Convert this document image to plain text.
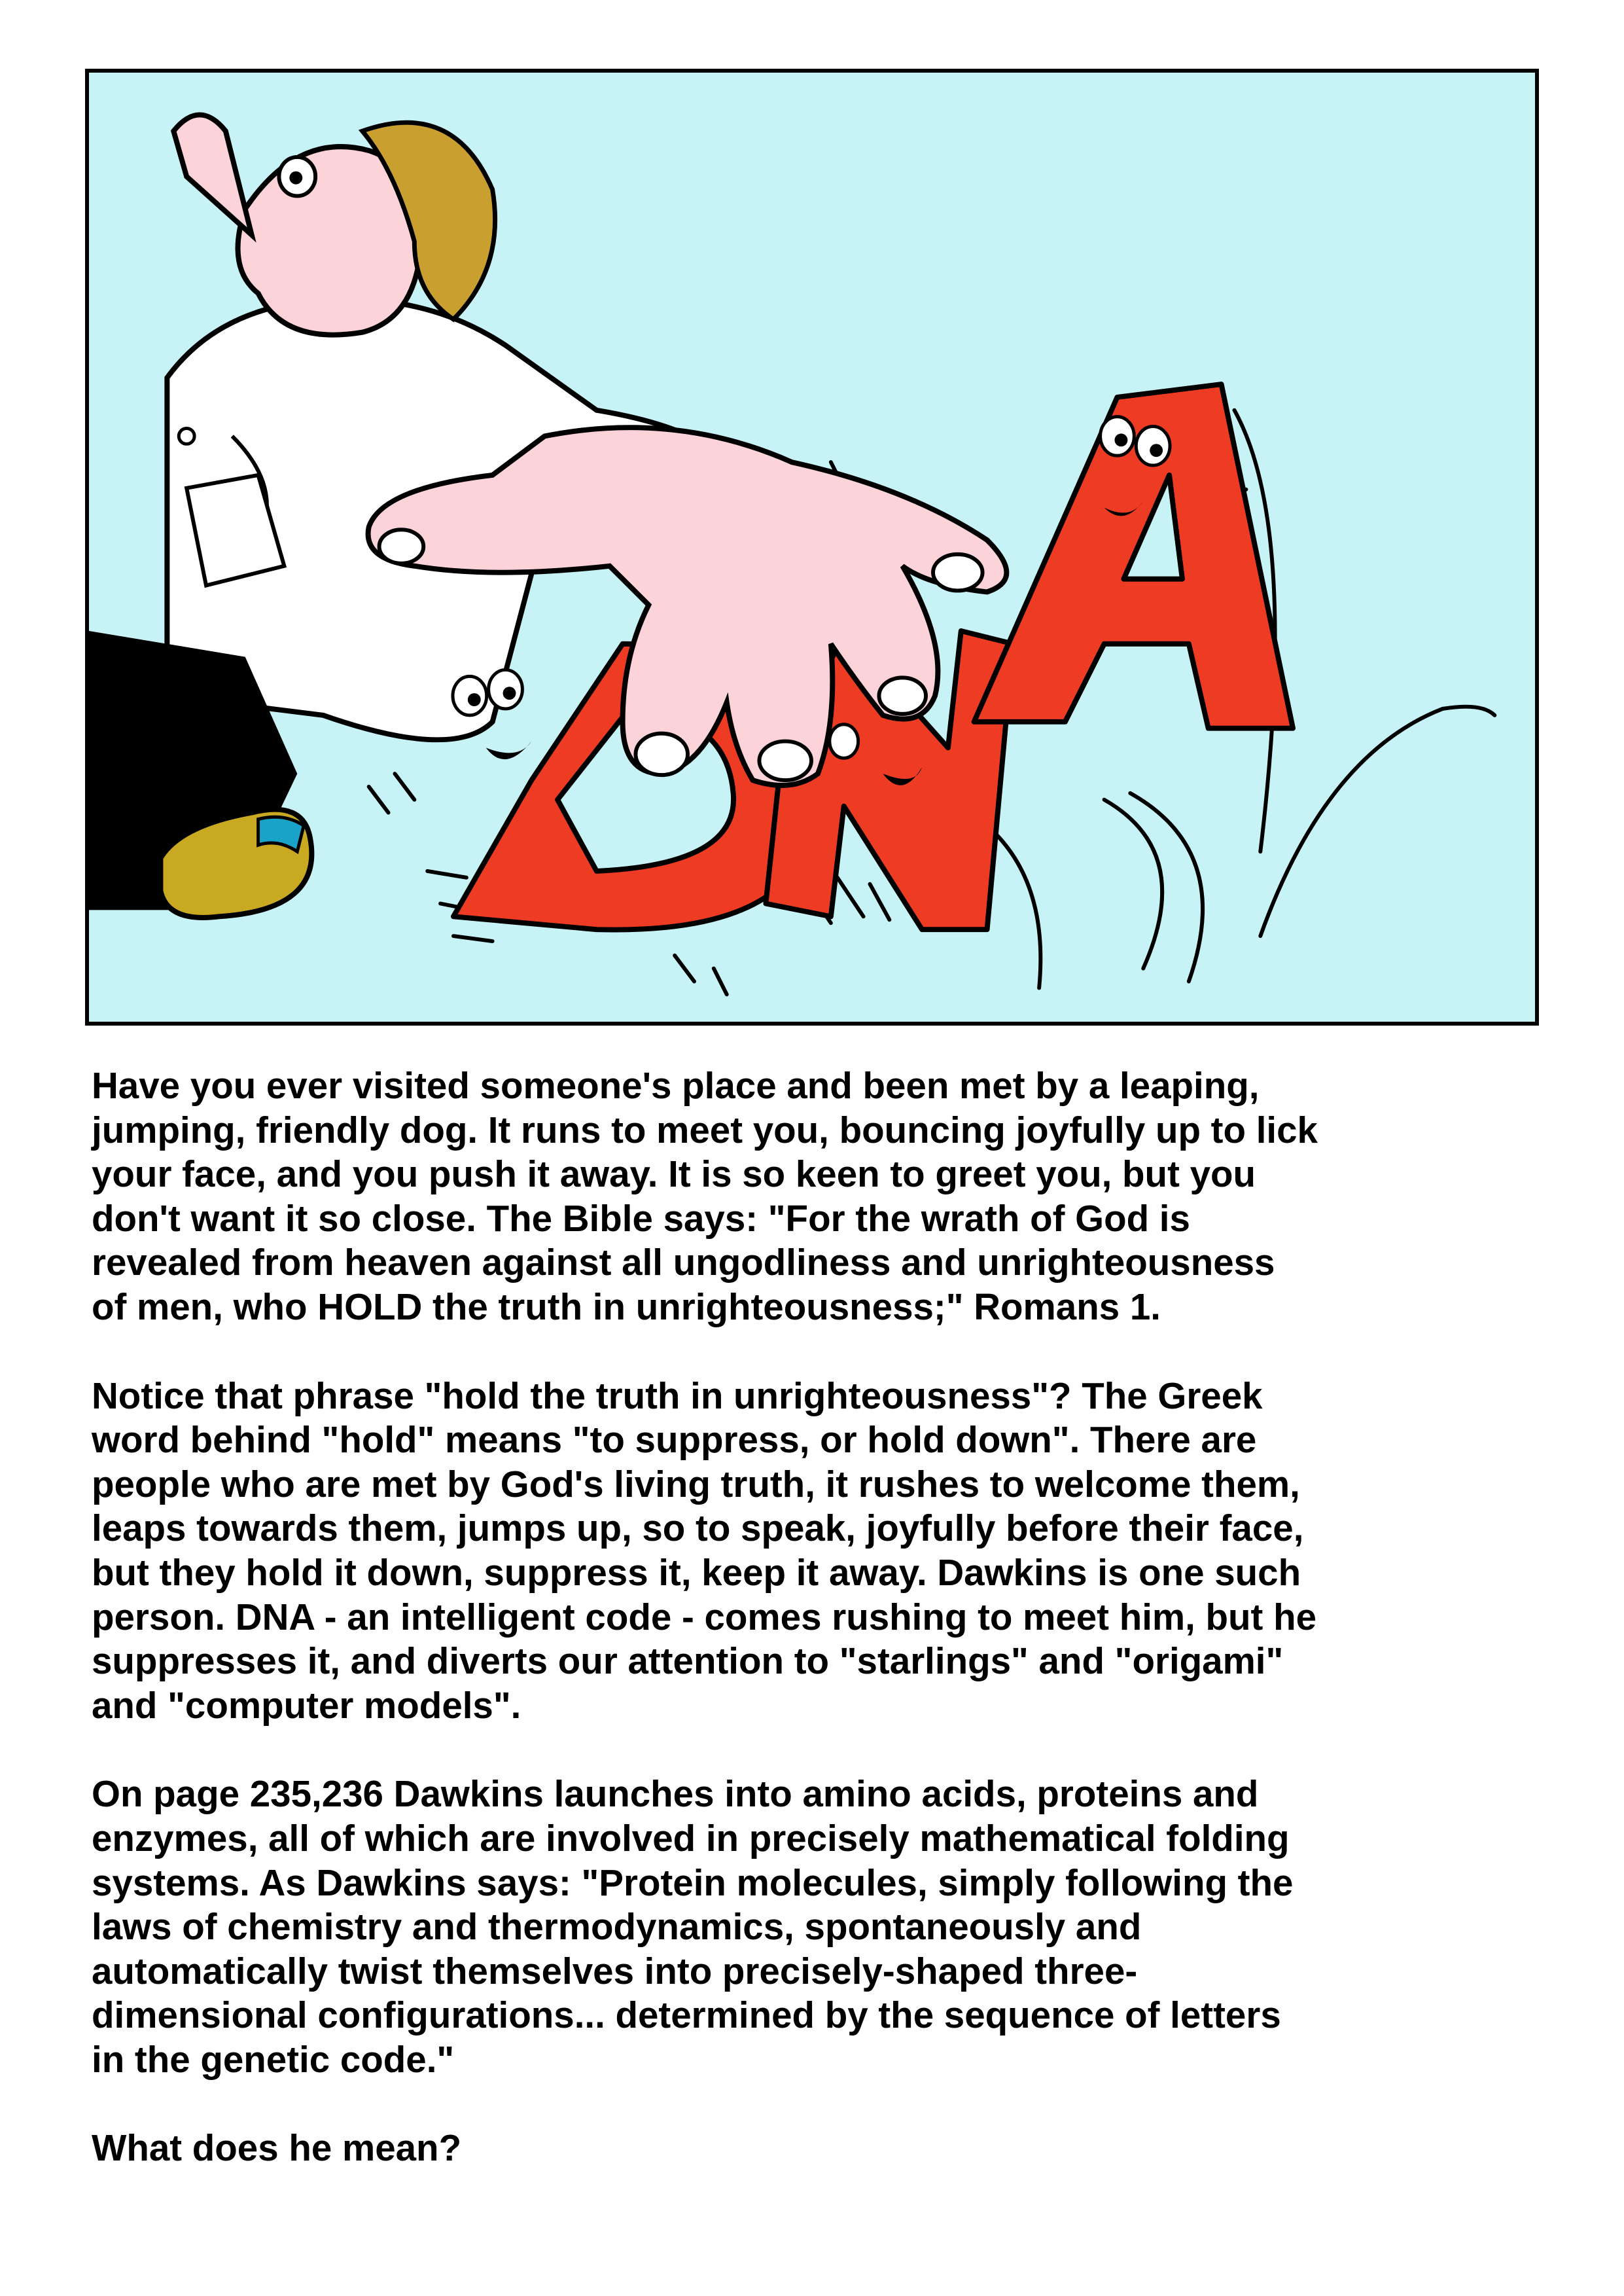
Have you ever visited someone's place and been met by a leaping,
jumping, friendly dog. It runs to meet you, bouncing joyfully up to lick
your face, and you push it away. It is so keen to greet you, but you
don't want it so close. The Bible says: "For the wrath of God is
revealed from heaven against all ungodliness and unrighteousness
of men, who HOLD the truth in unrighteousness;" Romans 1.

Notice that phrase "hold the truth in unrighteousness"? The Greek
word behind "hold" means "to suppress, or hold down". There are
people who are met by God's living truth, it rushes to welcome them,
leaps towards them, jumps up, so to speak, joyfully before their face,
but they hold it down, suppress it, keep it away. Dawkins is one such
person. DNA - an intelligent code - comes rushing to meet him, but he
suppresses it, and diverts our attention to "starlings" and "origami"
and "computer models".

On page 235,236 Dawkins launches into amino acids, proteins and
enzymes, all of which are involved in precisely mathematical folding
systems. As Dawkins says: "Protein molecules, simply following the
laws of chemistry and thermodynamics, spontaneously and
automatically twist themselves into precisely-shaped three-
dimensional configurations... determined by the sequence of letters
in the genetic code."

What does he mean?
